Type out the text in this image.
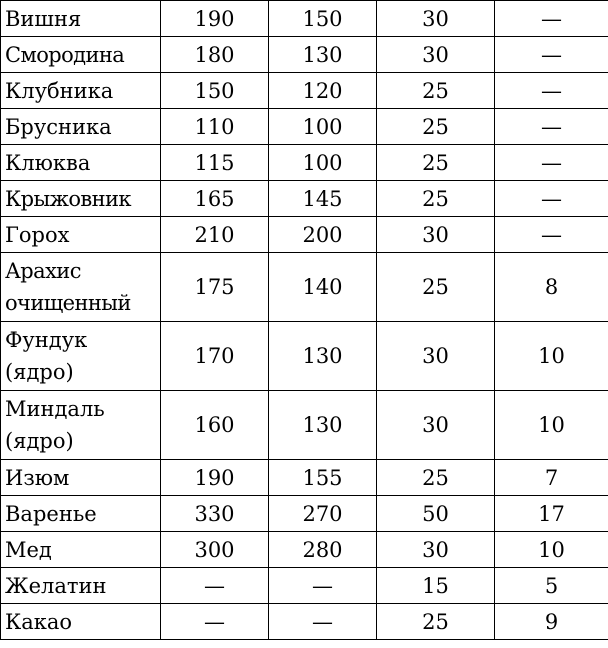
Вишня	190	150	30	—
Смородина	180	130	30	—
Клубника	150	120	25	—
Брусника	110	100	25	—
Клюква	115	100	25	—
Крыжовник	165	145	25	—
Горох	210	200	30	—
Арахис очищенный	175	140	25	8
Фундук (ядро)	170	130	30	10
Миндаль (ядро)	160	130	30	10
Изюм	190	155	25	7
Варенье	330	270	50	17
Мед	300	280	30	10
Желатин	—	—	15	5
Какао	—	—	25	9
